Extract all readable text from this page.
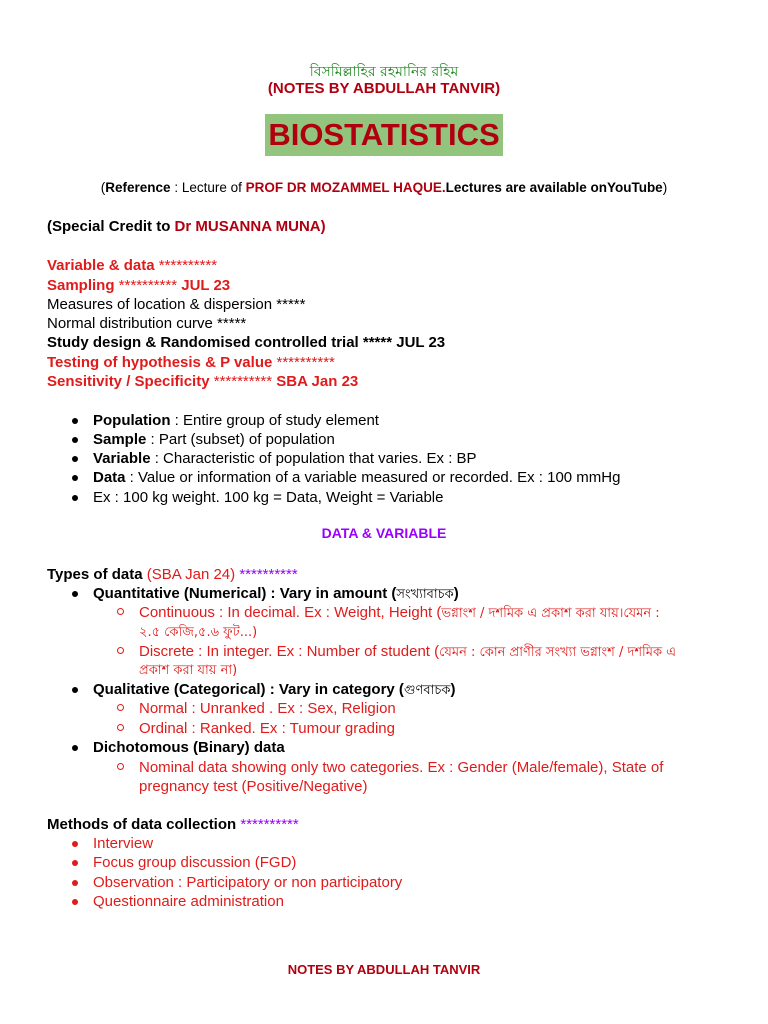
বিসমিল্লাহির রহমানির রহিম
(NOTES BY ABDULLAH TANVIR)
BIOSTATISTICS
(Reference : Lecture of PROF DR MOZAMMEL HAQUE.Lectures are available onYouTube)
(Special Credit to Dr MUSANNA MUNA)
Variable & data **********
Sampling ********** JUL 23
Measures of location & dispersion *****
Normal distribution curve *****
Study design & Randomised controlled trial ***** JUL 23
Testing of hypothesis & P value **********
Sensitivity / Specificity ********** SBA Jan 23
Population : Entire group of study element
Sample : Part (subset) of population
Variable : Characteristic of population that varies. Ex : BP
Data : Value or information of a variable measured or recorded. Ex : 100 mmHg
Ex : 100 kg weight. 100 kg = Data, Weight = Variable
DATA & VARIABLE
Types of data (SBA Jan 24) **********
Quantitative (Numerical) : Vary in amount (সংখ্যাবাচক)
Continuous : In decimal. Ex : Weight, Height (ভগ্নাংশ / দশমিক এ প্রকাশ করা যায়।যেমন :
২.৫ কেজি,৫.৬ ফুট...)
Discrete : In integer. Ex : Number of student (যেমন : কোন প্রাণীর সংখ্যা ভগ্নাংশ / দশমিক এ
প্রকাশ করা যায় না)
Qualitative (Categorical) : Vary in category (গুণবাচক)
Normal : Unranked . Ex : Sex, Religion
Ordinal : Ranked. Ex : Tumour grading
Dichotomous (Binary) data
Nominal data showing only two categories. Ex : Gender (Male/female), State of
pregnancy test (Positive/Negative)
Methods of data collection **********
Interview
Focus group discussion (FGD)
Observation : Participatory or non participatory
Questionnaire administration
NOTES BY ABDULLAH TANVIR
